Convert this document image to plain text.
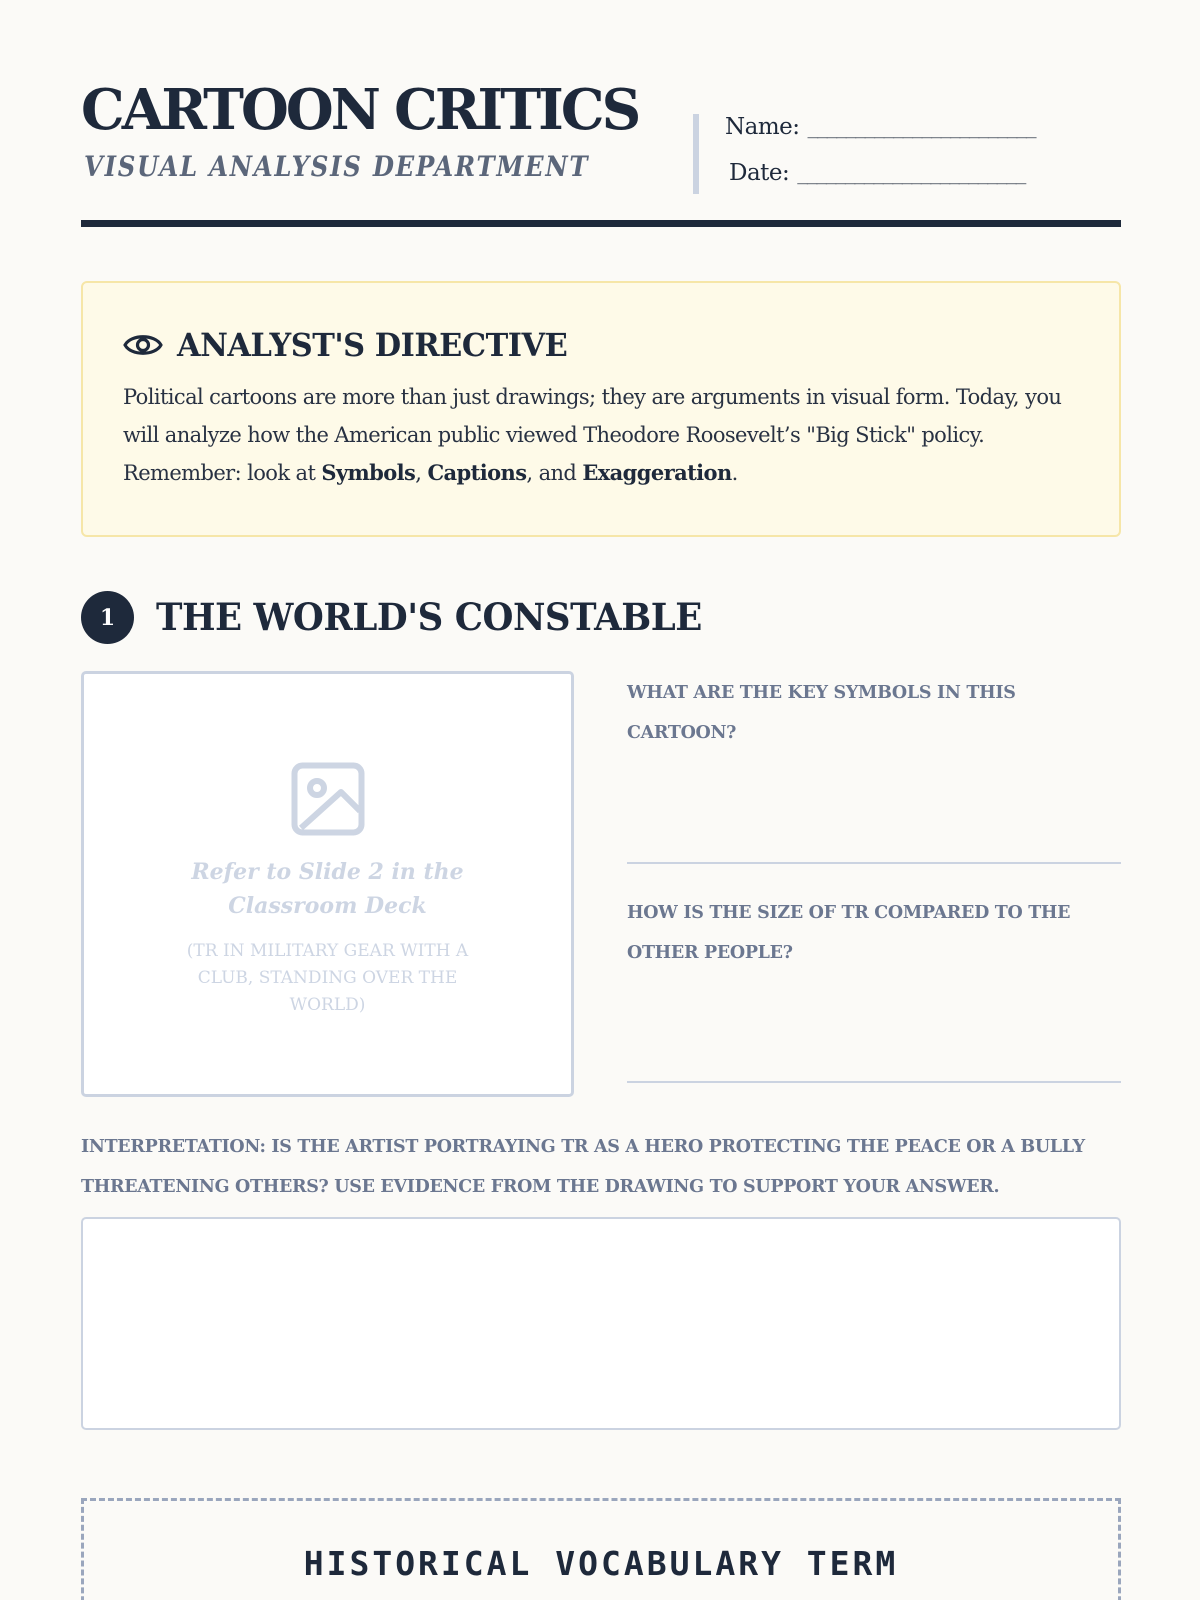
CARTOON CRITICS
VISUAL ANALYSIS DEPARTMENT
Name: ________________________
Date: ________________________
ANALYST'S DIRECTIVE

Political cartoons are more than just drawings; they are arguments in visual form. Today, you will analyze how the American public viewed Theodore Roosevelt’s "Big Stick" policy. Remember: look at Symbols, Captions, and Exaggeration.

1	THE WORLD'S CONSTABLE
Refer to Slide 2 in the Classroom Deck
(TR IN MILITARY GEAR WITH A CLUB, STANDING OVER THE WORLD)
WHAT ARE THE KEY SYMBOLS IN THIS CARTOON?
HOW IS THE SIZE OF TR COMPARED TO THE OTHER PEOPLE?
INTERPRETATION: IS THE ARTIST PORTRAYING TR AS A HERO PROTECTING THE PEACE OR A BULLY THREATENING OTHERS? USE EVIDENCE FROM THE DRAWING TO SUPPORT YOUR ANSWER.
HISTORICAL VOCABULARY TERM
